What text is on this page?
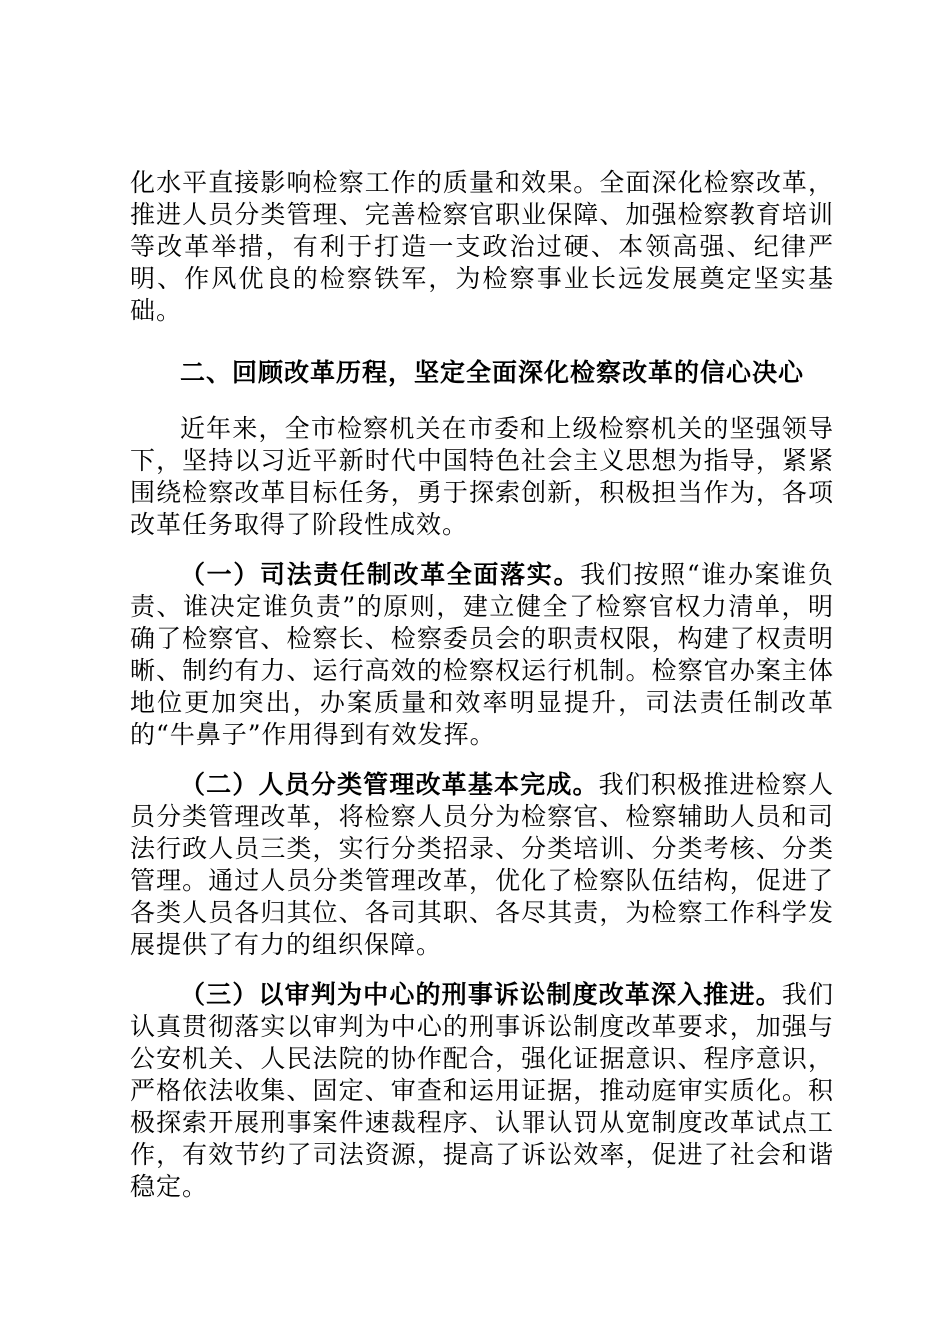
化水平直接影响检察工作的质量和效果。全面深化检察改革，推进人员分类管理、完善检察官职业保障、加强检察教育培训等改革举措，有利于打造一支政治过硬、本领高强、纪律严明、作风优良的检察铁军，为检察事业长远发展奠定坚实基础。

二、回顾改革历程，坚定全面深化检察改革的信心决心

近年来，全市检察机关在市委和上级检察机关的坚强领导下，坚持以习近平新时代中国特色社会主义思想为指导，紧紧围绕检察改革目标任务，勇于探索创新，积极担当作为，各项改革任务取得了阶段性成效。

（一）司法责任制改革全面落实。我们按照“谁办案谁负责、谁决定谁负责”的原则，建立健全了检察官权力清单，明确了检察官、检察长、检察委员会的职责权限，构建了权责明晰、制约有力、运行高效的检察权运行机制。检察官办案主体地位更加突出，办案质量和效率明显提升，司法责任制改革的“牛鼻子”作用得到有效发挥。

（二）人员分类管理改革基本完成。我们积极推进检察人员分类管理改革，将检察人员分为检察官、检察辅助人员和司法行政人员三类，实行分类招录、分类培训、分类考核、分类管理。通过人员分类管理改革，优化了检察队伍结构，促进了各类人员各归其位、各司其职、各尽其责，为检察工作科学发展提供了有力的组织保障。

（三）以审判为中心的刑事诉讼制度改革深入推进。我们认真贯彻落实以审判为中心的刑事诉讼制度改革要求，加强与公安机关、人民法院的协作配合，强化证据意识、程序意识，严格依法收集、固定、审查和运用证据，推动庭审实质化。积极探索开展刑事案件速裁程序、认罪认罚从宽制度改革试点工作，有效节约了司法资源，提高了诉讼效率，促进了社会和谐稳定。
